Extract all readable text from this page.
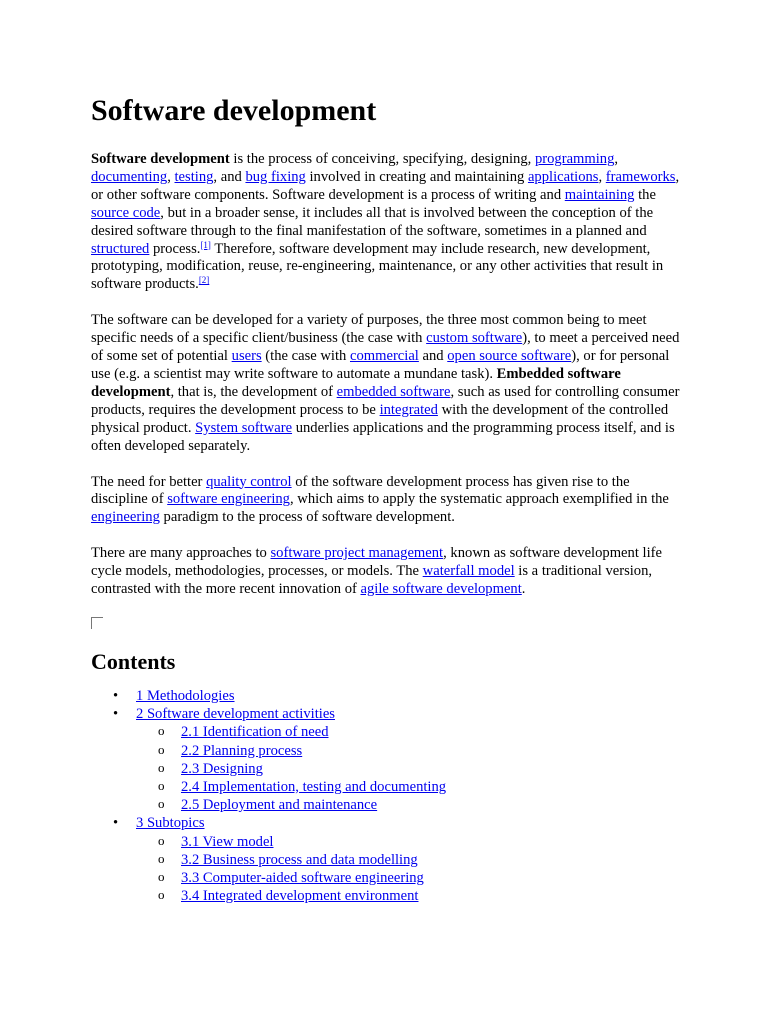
Software development

Software development is the process of conceiving, specifying, designing, programming, documenting, testing, and bug fixing involved in creating and maintaining applications, frameworks, or other software components. Software development is a process of writing and maintaining the source code, but in a broader sense, it includes all that is involved between the conception of the desired software through to the final manifestation of the software, sometimes in a planned and structured process.[1] Therefore, software development may include research, new development, prototyping, modification, reuse, re-engineering, maintenance, or any other activities that result in software products.[2]

The software can be developed for a variety of purposes, the three most common being to meet specific needs of a specific client/business (the case with custom software), to meet a perceived need of some set of potential users (the case with commercial and open source software), or for personal use (e.g. a scientist may write software to automate a mundane task). Embedded software development, that is, the development of embedded software, such as used for controlling consumer products, requires the development process to be integrated with the development of the controlled physical product. System software underlies applications and the programming process itself, and is often developed separately.

The need for better quality control of the software development process has given rise to the discipline of software engineering, which aims to apply the systematic approach exemplified in the engineering paradigm to the process of software development.

There are many approaches to software project management, known as software development life cycle models, methodologies, processes, or models. The waterfall model is a traditional version, contrasted with the more recent innovation of agile software development.

Contents
• 1 Methodologies
• 2 Software development activities
o 2.1 Identification of need
o 2.2 Planning process
o 2.3 Designing
o 2.4 Implementation, testing and documenting
o 2.5 Deployment and maintenance
• 3 Subtopics
o 3.1 View model
o 3.2 Business process and data modelling
o 3.3 Computer-aided software engineering
o 3.4 Integrated development environment
